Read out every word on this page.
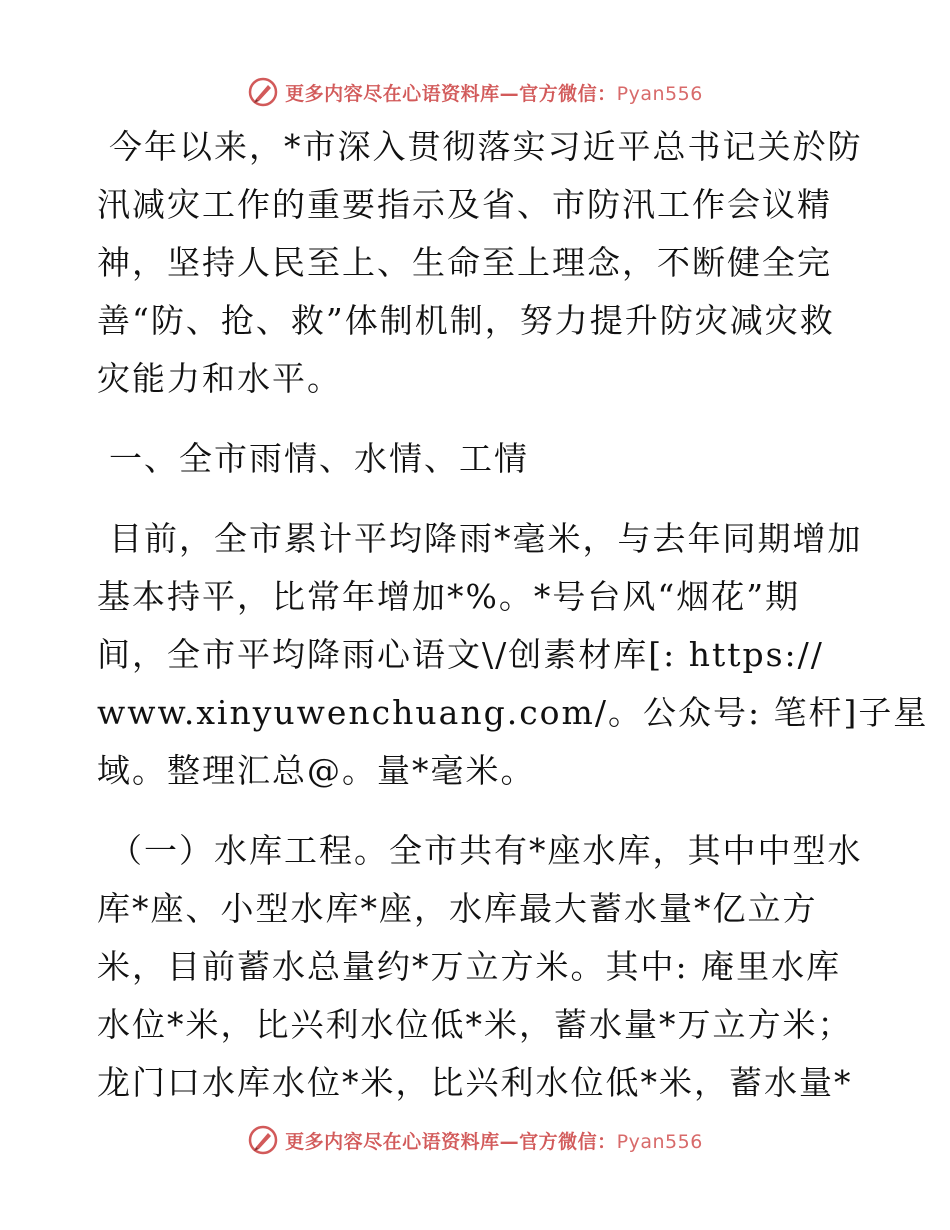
更多内容尽在心语资料库—官方微信：Pyan556
今年以来，*市深入贯彻落实习近平总书记关於防
汛减灾工作的重要指示及省、市防汛工作会议精
神，坚持人民至上、生命至上理念，不断健全完
善“防、抢、救”体制机制，努力提升防灾减灾救
灾能力和水平。
一、全市雨情、水情、工情
目前，全市累计平均降雨*毫米，与去年同期增加
基本持平，比常年增加*%。*号台风“烟花”期
间，全市平均降雨心语文\/创素材库[: https://
www.xinyuwenchuang.com/。公众号: 笔杆]子星
域。整理汇总@。量*毫米。
（一）水库工程。全市共有*座水库，其中中型水
库*座、小型水库*座，水库最大蓄水量*亿立方
米，目前蓄水总量约*万立方米。其中: 庵里水库
水位*米，比兴利水位低*米，蓄水量*万立方米；
龙门口水库水位*米，比兴利水位低*米，蓄水量*
更多内容尽在心语资料库—官方微信：Pyan556
